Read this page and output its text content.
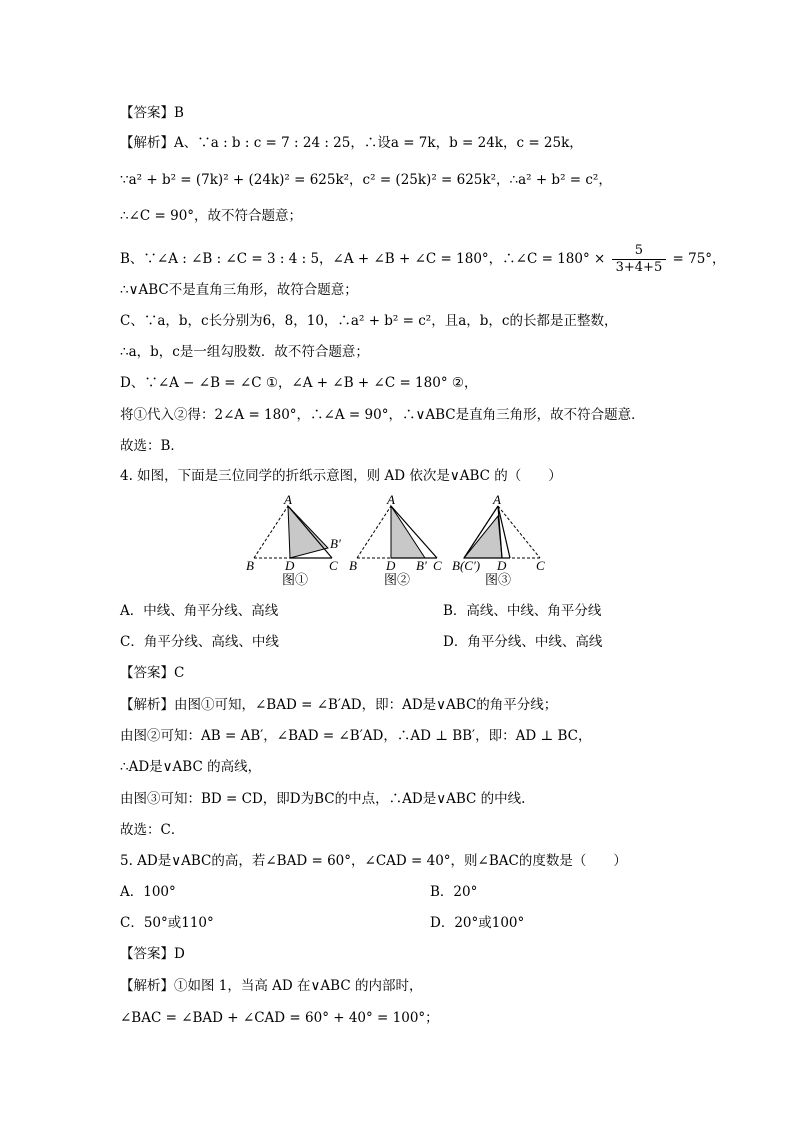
【答案】B
【解析】A、∵a : b : c = 7 : 24 : 25，∴设a = 7k，b = 24k，c = 25k，
∵a² + b² = (7k)² + (24k)² = 625k²，c² = (25k)² = 625k²，∴a² + b² = c²，
∴∠C = 90°，故不符合题意；
B、∵∠A : ∠B : ∠C = 3 : 4 : 5，∠A + ∠B + ∠C = 180°，∴∠C = $180^\circ \times \frac{5}{3+4+5} = 75^\circ$，
∴∨ABC不是直角三角形，故符合题意；
C、∵a，b，c长分别为6，8，10，∴a² + b² = c²，且a，b，c的长都是正整数，
∴a，b，c是一组勾股数．故不符合题意；
D、∵∠A − ∠B = ∠C ①，∠A + ∠B + ∠C = 180° ②，
将①代入②得：2∠A = 180°，∴∠A = 90°，∴∨ABC是直角三角形，故不符合题意．
故选：B．
4. 如图，下面是三位同学的折纸示意图，则 AD 依次是∨ABC 的（　　）
A
B D	C
B′
图①
A
B D B′ C
图②
A
B(C′) D C
图③
A．中线、角平分线、高线	B．高线、中线、角平分线
C．角平分线、高线、中线	D．角平分线、中线、高线
【答案】C
【解析】由图①可知，∠BAD = ∠B′AD，即：AD是∨ABC的角平分线；
由图②可知：AB = AB′，∠BAD = ∠B′AD，∴AD ⊥ BB′，即：AD ⊥ BC，
∴AD是∨ABC 的高线，
由图③可知：BD = CD，即D为BC的中点，∴AD是∨ABC 的中线.
故选：C．
5. AD是∨ABC的高，若∠BAD = 60°，∠CAD = 40°，则∠BAC的度数是（　　）
A．100°	B．20°
C．50°或110°	D．20°或100°
【答案】D
【解析】①如图 1，当高 AD 在∨ABC 的内部时，
∠BAC = ∠BAD + ∠CAD = 60° + 40° = 100°；
